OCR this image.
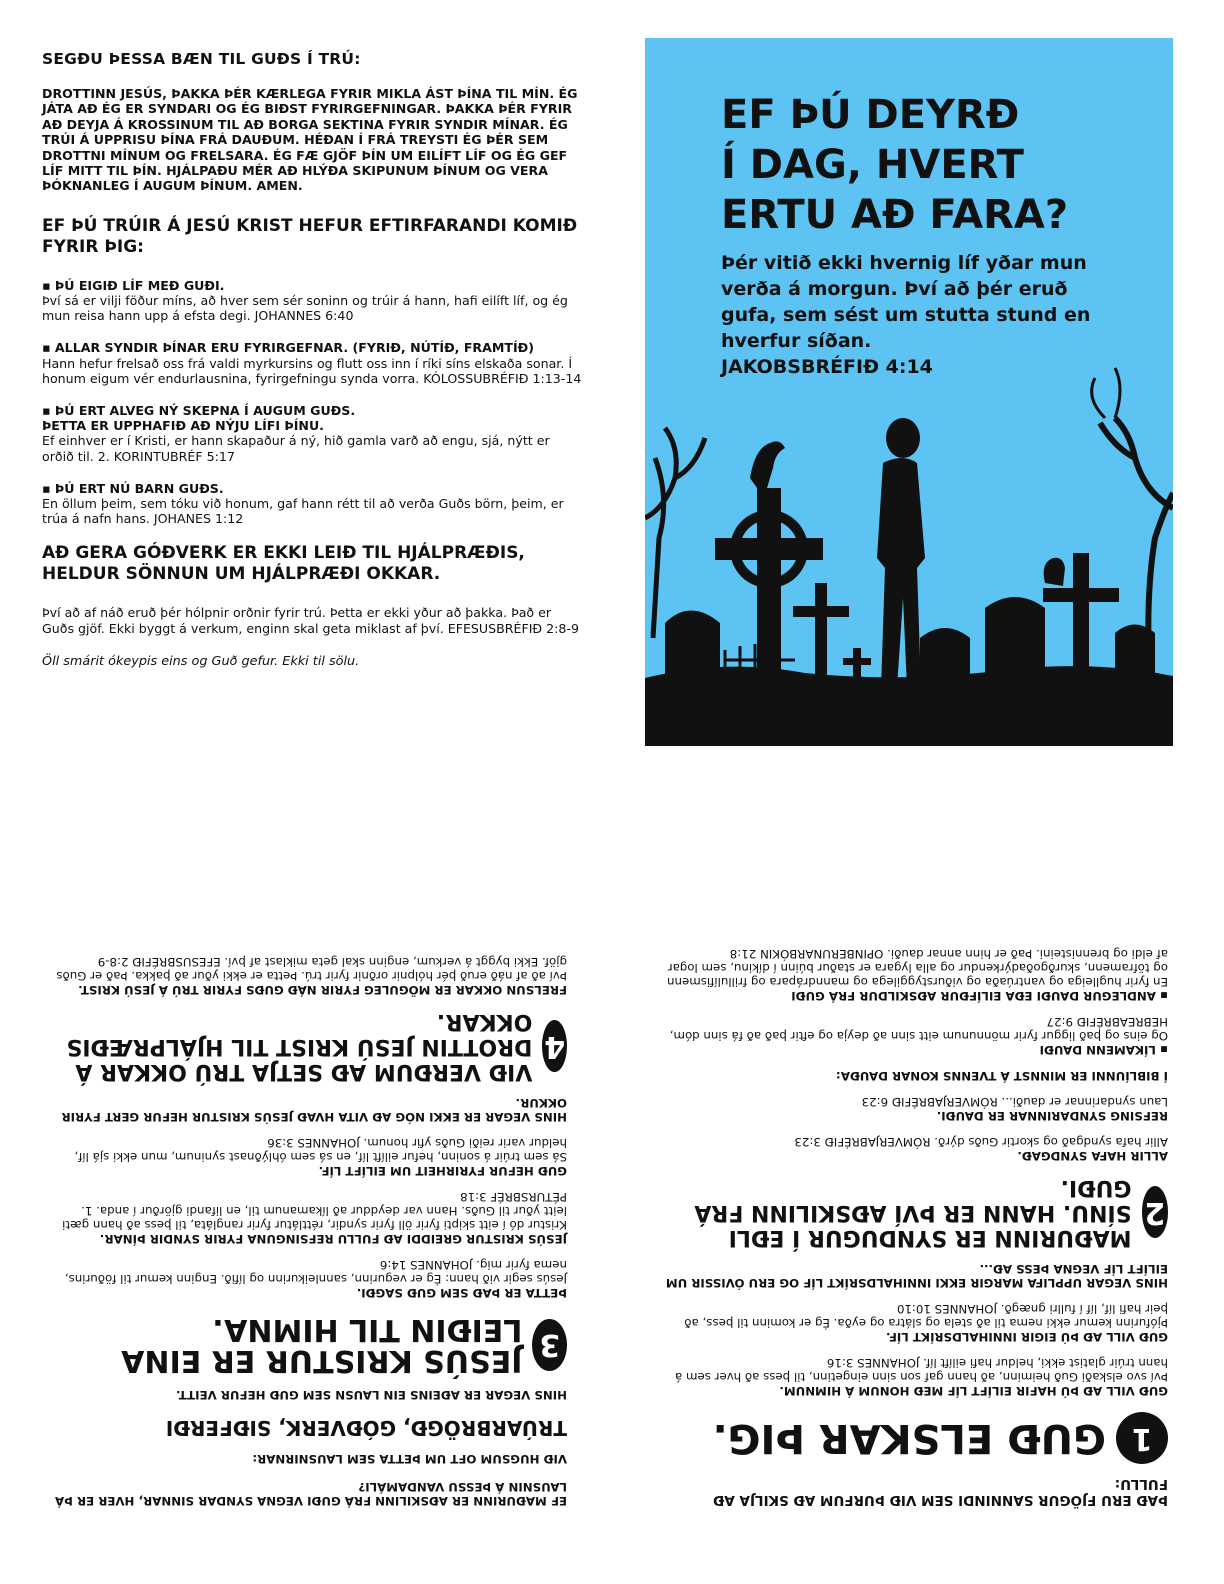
SEGÐU ÞESSA BÆN TIL GUÐS Í TRÚ:
DROTTINN JESÚS, ÞAKKA ÞÉR KÆRLEGA FYRIR MIKLA ÁST ÞÍNA TIL MÍN. ÉG JÁTA AÐ ÉG ER SYNDARI OG ÉG BIÐST FYRIRGEFNINGAR. ÞAKKA ÞÉR FYRIR AÐ DEYJA Á KROSSINUM TIL AÐ BORGA SEKTINA FYRIR SYNDIR MÍNAR. ÉG TRÚI Á UPPRISU ÞÍNA FRÁ DAUÐUM. HÉÐAN Í FRÁ TREYSTI ÉG ÞÉR SEM DROTTNI MÍNUM OG FRELSARA. ÉG FÆ GJÖF ÞÍN UM EILÍFT LÍF OG ÉG GEF LÍF MITT TIL ÞÍN. HJÁLPAÐU MÉR AÐ HLÝÐA SKIPUNUM ÞÍNUM OG VERA ÞÓKNANLEG Í AUGUM ÞÍNUM. AMEN.
EF ÞÚ TRÚIR Á JESÚ KRIST HEFUR EFTIRFARANDI KOMIÐ FYRIR ÞIG:
▪ ÞÚ EIGIÐ LÍF MEÐ GUÐI.
Því sá er vilji föður míns, að hver sem sér soninn og trúir á hann, hafi eilíft líf, og ég mun reisa hann upp á efsta degi. JOHANNES 6:40
▪ ALLAR SYNDIR ÞÍNAR ERU FYRIRGEFNAR. (FYRIÐ, NÚTÍÐ, FRAMTÍÐ)
Hann hefur frelsað oss frá valdi myrkursins og flutt oss inn í ríki síns elskaða sonar. Í honum eigum vér endurlausnina, fyrirgefningu synda vorra. KÓLOSSUBRÉFIÐ 1:13-14
▪ ÞÚ ERT ALVEG NÝ SKEPNA Í AUGUM GUÐS.
ÞETTA ER UPPHAFIÐ AÐ NÝJU LÍFI ÞÍNU.
Ef einhver er í Kristi, er hann skapaður á ný, hið gamla varð að engu, sjá, nýtt er orðið til. 2. KORINTUBRÉF 5:17
▪ ÞÚ ERT NÚ BARN GUÐS.
En öllum þeim, sem tóku við honum, gaf hann rétt til að verða Guðs börn, þeim, er trúa á nafn hans. JOHANES 1:12
AÐ GERA GÓÐVERK ER EKKI LEIÐ TIL HJÁLPRÆÐIS, HELDUR SÖNNUN UM HJÁLPRÆÐI OKKAR.
Því að af náð eruð þér hólpnir orðnir fyrir trú. Þetta er ekki yður að þakka. Það er Guðs gjöf. Ekki byggt á verkum, enginn skal geta miklast af því. EFESUSBRÉFIÐ 2:8-9
Öll smárit ókeypis eins og Guð gefur. Ekki til sölu.
EF ÞÚ DEYRÐ
Í DAG, HVERT
ERTU AÐ FARA?
Þér vitið ekki hvernig líf yðar mun verða á morgun. Því að þér eruð gufa, sem sést um stutta stund en hverfur síðan.
JAKOBSBRÉFIÐ 4:14
EF MAÐURINN ER AÐSKILINN FRÁ GUÐI VEGNA SYNDAR SINNAR, HVER ER ÞÁ LAUSNIN Á ÞESSU VANDAMÁLI?
VIÐ HUGSUM OFT UM ÞETTA SEM LAUSNIRNAR:
TRÚARBRÖGÐ, GÓÐVERK, SIÐFERÐI
HINS VEGAR ER AÐEINS EIN LAUSN SEM GUÐ HEFUR VEITT.
3
JESÚS KRISTUR ER EINA LEIÐIN TIL HIMNA.
ÞETTA ER ÞAÐ SEM GUÐ SAGÐI.
Jesús segir við hann: Ég er vegurinn, sannleikurinn og lífið. Enginn kemur til föðurins, nema fyrir mig. JOHANNES 14:6
JESÚS KRISTUR GREIDDI AÐ FULLU REFSINGUNA FYRIR SYNDIR ÞÍNAR.
Kristur dó í eitt skipti fyrir öll fyrir syndir, réttlátur fyrir rangláta, til þess að hann gæti leitt yður til Guðs. Hann var deyddur að líkamanum til, en lifandi gjörður í anda. 1. PÉTURSBRÉF 3:18
GUÐ HEFUR FYRIRHEIT UM EILÍFT LÍF.
Sá sem trúir á soninn, hefur eilíft líf, en sá sem óhlýðnast syninum, mun ekki sjá líf, heldur varir reiði Guðs yfir honum. JOHANNES 3:36
HINS VEGAR ER EKKI NÓG AÐ VITA HVAÐ JESÚS KRISTUR HEFUR GERT FYRIR OKKUR.
4
VIÐ VERÐUM AÐ SETJA TRÚ OKKAR Á DROTTIN JESÚ KRIST TIL HJÁLPRÆÐIS OKKAR.
FRELSUN OKKAR ER MÖGULEG FYRIR NÁÐ GUÐS FYRIR TRÚ Á JESÚ KRIST.
Því að af náð eruð þér hólpnir orðnir fyrir trú. Þetta er ekki yður að þakka. Það er Guðs gjöf. Ekki byggt á verkum, enginn skal geta miklast af því. EFESUSBRÉFIÐ 2:8-9
ÞAÐ ERU FJÖGUR SANNINDI SEM VIÐ ÞURFUM AÐ SKILJA AÐ FULLU:
1
GUÐ ELSKAR ÞIG.
GUÐ VILL AÐ ÞÚ HAFIR EILÍFT LÍF MEÐ HONUM Á HIMNUM.
Því svo elskaði Guð heiminn, að hann gaf son sinn eingetinn, til þess að hver sem á hann trúir glatist ekki, heldur hafi eilíft líf. JOHANNES 3:16
GUÐ VILL AÐ ÞÚ EIGIR INNIHALDSRÍKT LÍF.
Þjófurinn kemur ekki nema til að stela og slátra og eyða. Ég er kominn til þess, að þeir hafi líf, líf í fullri gnægð. JOHANNES 10:10
HINS VEGAR UPPLIFA MARGIR EKKI INNIHALDSRÍKT LÍF OG ERU ÓVISSIR UM EILÍFT LÍF VEGNA ÞESS AÐ...
2
MAÐURINN ER SYNDUGUR Í EÐLI SÍNU. HANN ER ÞVÍ AÐSKILINN FRÁ GUÐI.
ALLIR HAFA SYNDGAÐ.
Allir hafa syndgað og skortir Guðs dýrð. RÓMVERJABRÉFIÐ 3:23
REFSING SYNDARINNAR ER DAUÐI.
Laun syndarinnar er dauði... RÓMVERJABRÉFIÐ 6:23
Í BIBLÍUNNI ER MINNST Á TVENNS KONAR DAUÐA:
▪ LÍKAMENN DAUÐI
Og eins og það liggur fyrir mönnunum eitt sinn að deyja og eftir það að fá sinn dóm, HEBREABRÉFIÐ 9:27
▪ ANDLEGUR DAUÐI EÐA EILÍFÐUR AÐSKILDUR FRÁ GUÐI
En fyrir huglleiga og vantrúaða og viðurstyggilega og manndrápara og frillulífismenn og töframenn, skurðgoðadýrkendur og alla lygara er staður búinn í díkinu, sem logar af eldi og brennisteini. Það er hinn annar dauði. OPINBERUNARBÓKIN 21:8
